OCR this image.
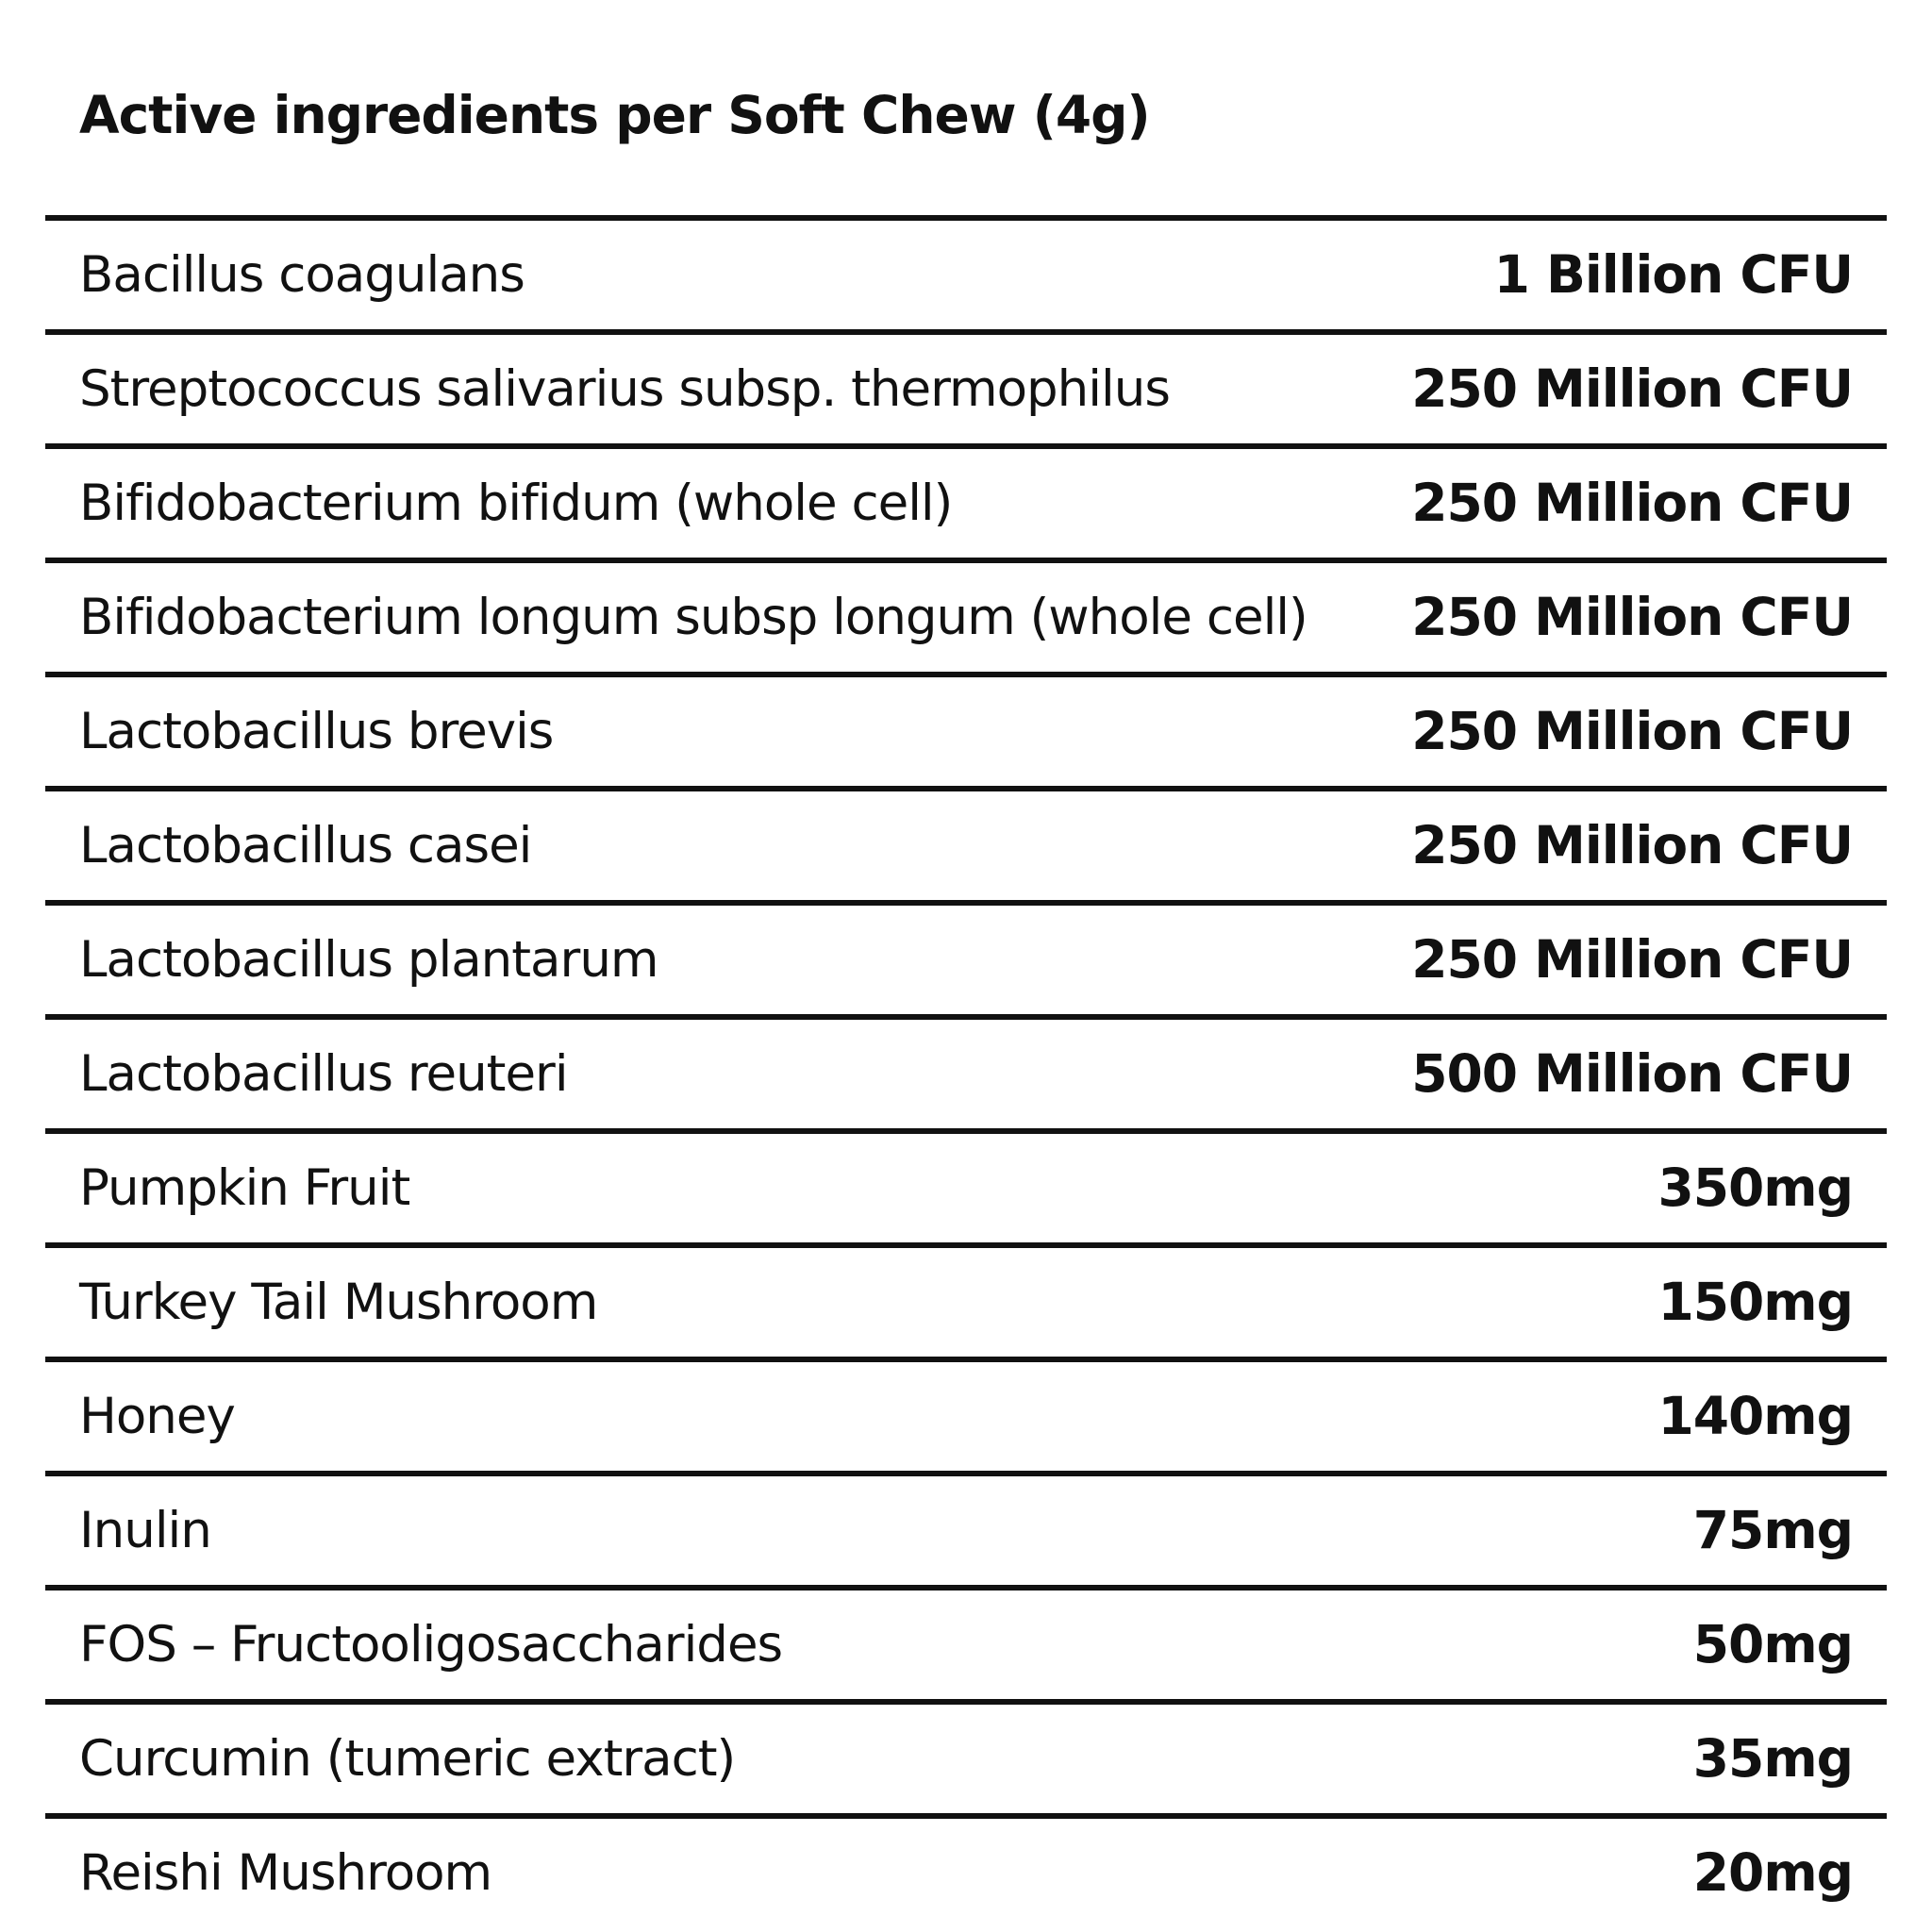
Active ingredients per Soft Chew (4g)
Bacillus coagulans	1 Billion CFU
Streptococcus salivarius subsp. thermophilus	250 Million CFU
Bifidobacterium bifidum (whole cell)	250 Million CFU
Bifidobacterium longum subsp longum (whole cell) 250 Million CFU
Lactobacillus brevis	250 Million CFU
Lactobacillus casei	250 Million CFU
Lactobacillus plantarum	250 Million CFU
Lactobacillus reuteri	500 Million CFU
Pumpkin Fruit	350mg
Turkey Tail Mushroom	150mg
Honey	140mg
Inulin	75mg
FOS – Fructooligosaccharides	50mg
Curcumin (tumeric extract)	35mg
Reishi Mushroom	20mg
